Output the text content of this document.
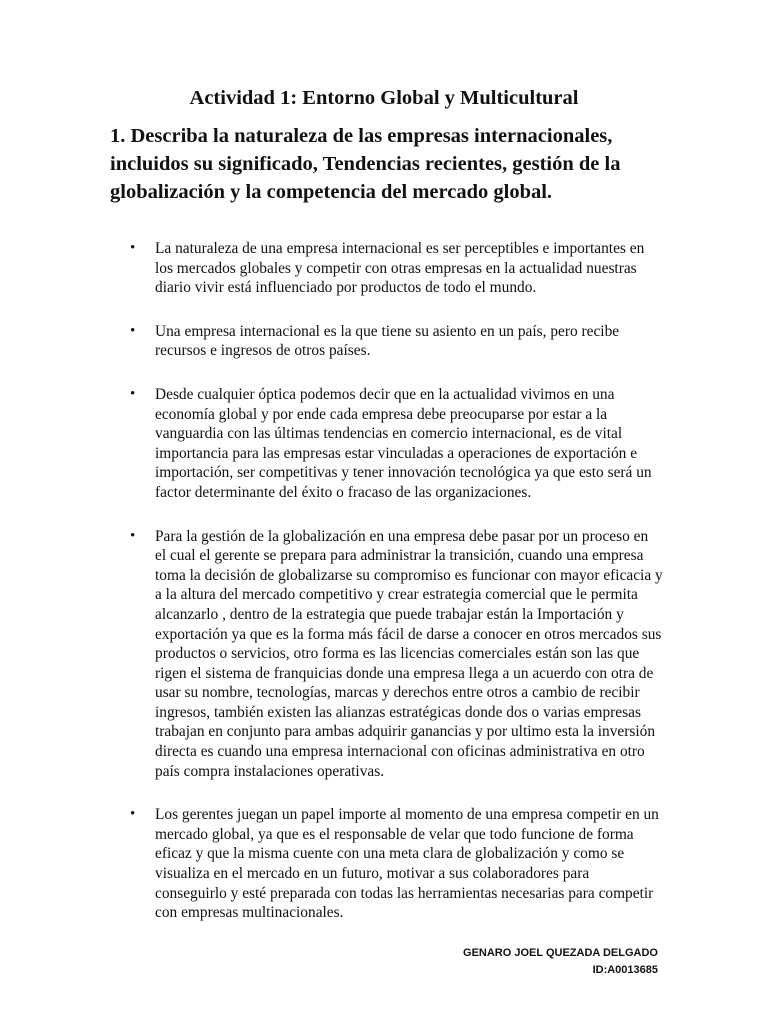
Actividad 1: Entorno Global y Multicultural
1. Describa la naturaleza de las empresas internacionales, incluidos su significado, Tendencias recientes, gestión de la globalización y la competencia del mercado global.
• La naturaleza de una empresa internacional es ser perceptibles e importantes en los mercados globales y competir con otras empresas en la actualidad nuestras diario vivir está influenciado por productos de todo el mundo.
• Una empresa internacional es la que tiene su asiento en un país, pero recibe recursos e ingresos de otros países.
• Desde cualquier óptica podemos decir que en la actualidad vivimos en una economía global y por ende cada empresa debe preocuparse por estar a la vanguardia con las últimas tendencias en comercio internacional, es de vital importancia para las empresas estar vinculadas a operaciones de exportación e importación, ser competitivas y tener innovación tecnológica ya que esto será un factor determinante del éxito o fracaso de las organizaciones.
• Para la gestión de la globalización en una empresa debe pasar por un proceso en el cual el gerente se prepara para administrar la transición, cuando una empresa toma la decisión de globalizarse su compromiso es funcionar con mayor eficacia y a la altura del mercado competitivo y crear estrategia comercial que le permita alcanzarlo , dentro de la estrategia que puede trabajar están la Importación y exportación ya que es la forma más fácil de darse a conocer en otros mercados sus productos o servicios, otro forma es las licencias comerciales están son las que rigen el sistema de franquicias donde una empresa llega a un acuerdo con otra de usar su nombre, tecnologías, marcas y derechos entre otros a cambio de recibir ingresos, también existen las alianzas estratégicas donde dos o varias empresas trabajan en conjunto para ambas adquirir ganancias y por ultimo esta la inversión directa es cuando una empresa internacional con oficinas administrativa en otro país compra instalaciones operativas.
• Los gerentes juegan un papel importe al momento de una empresa competir en un mercado global, ya que es el responsable de velar que todo funcione de forma eficaz y que la misma cuente con una meta clara de globalización y como se visualiza en el mercado en un futuro, motivar a sus colaboradores para conseguirlo y esté preparada con todas las herramientas necesarias para competir con empresas multinacionales.
GENARO JOEL QUEZADA DELGADO
ID:A0013685
